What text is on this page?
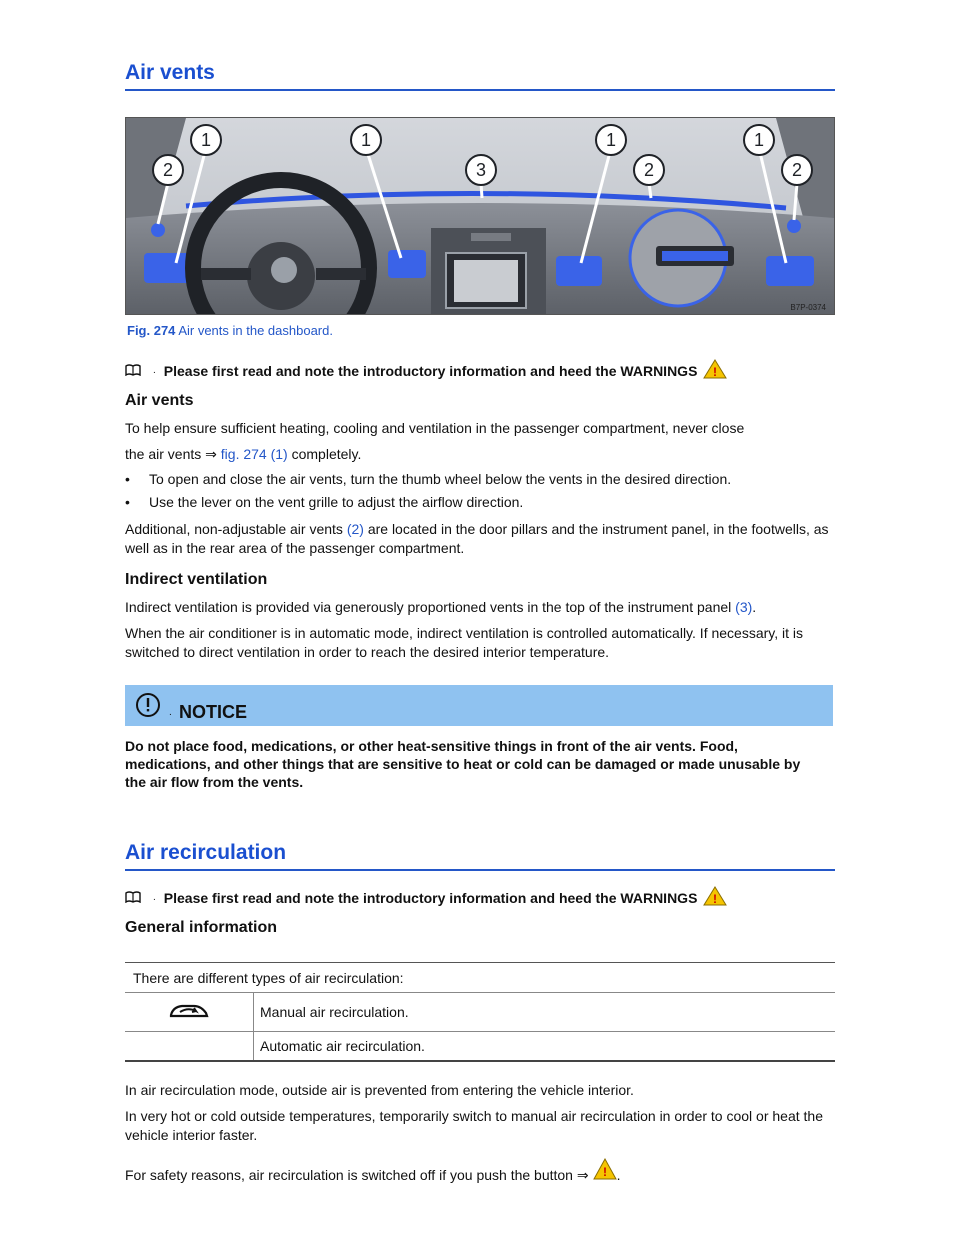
Air vents
1	1	1	1
2	2	2
3
B7P-0374
Fig. 274 Air vents in the dashboard.
. Please first read and note the introductory information and heed the WARNINGS !
Air vents
To help ensure sufficient heating, cooling and ventilation in the passenger compartment, never close
the air vents ⇒ fig. 274 (1) completely.
• To open and close the air vents, turn the thumb wheel below the vents in the desired direction.
• Use the lever on the vent grille to adjust the airflow direction.
Additional, non-adjustable air vents (2) are located in the door pillars and the instrument panel, in the footwells, as well as in the rear area of the passenger compartment.
Indirect ventilation
Indirect ventilation is provided via generously proportioned vents in the top of the instrument panel (3).
When the air conditioner is in automatic mode, indirect ventilation is controlled automatically. If necessary, it is switched to direct ventilation in order to reach the desired interior temperature.
. NOTICE
Do not place food, medications, or other heat-sensitive things in front of the air vents. Food, medications, and other things that are sensitive to heat or cold can be damaged or made unusable by the air flow from the vents.
Air recirculation
. Please first read and note the introductory information and heed the WARNINGS !
General information
There are different types of air recirculation:	
	Manual air recirculation.
	Automatic air recirculation.
In air recirculation mode, outside air is prevented from entering the vehicle interior.
In very hot or cold outside temperatures, temporarily switch to manual air recirculation in order to cool or heat the vehicle interior faster.
For safety reasons, air recirculation is switched off if you push the button ⇒ ! .
